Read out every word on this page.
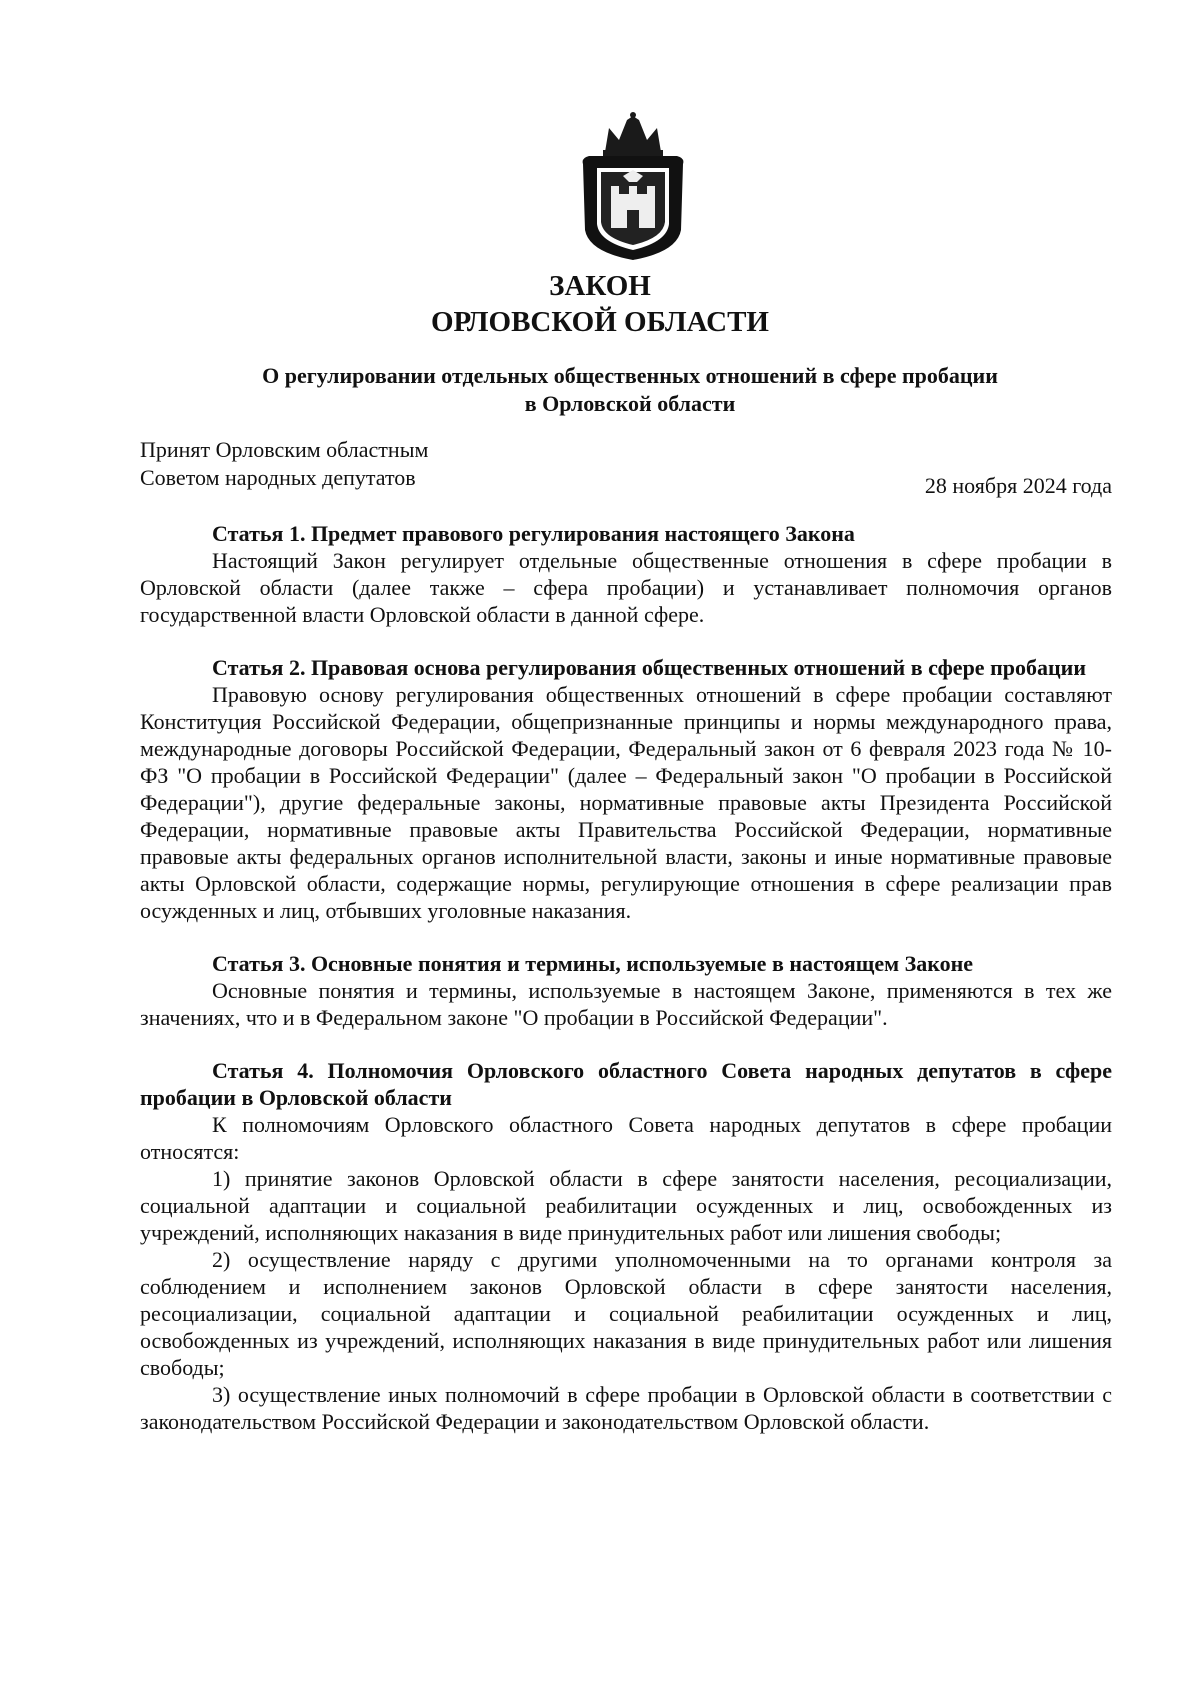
ЗАКОН
ОРЛОВСКОЙ ОБЛАСТИ
О регулировании отдельных общественных отношений в сфере пробации
в Орловской области
Принят Орловским областным
Советом народных депутатов	28 ноября 2024 года

Статья 1. Предмет правового регулирования настоящего Закона

Настоящий Закон регулирует отдельные общественные отношения в сфере пробации в Орловской области (далее также – сфера пробации) и устанавливает полномочия органов государственной власти Орловской области в данной сфере.

Статья 2. Правовая основа регулирования общественных отношений в сфере пробации

Правовую основу регулирования общественных отношений в сфере пробации составляют Конституция Российской Федерации, общепризнанные принципы и нормы международного права, международные договоры Российской Федерации, Федеральный закон от 6 февраля 2023 года № 10-ФЗ "О пробации в Российской Федерации" (далее – Федеральный закон "О пробации в Российской Федерации"), другие федеральные законы, нормативные правовые акты Президента Российской Федерации, нормативные правовые акты Правительства Российской Федерации, нормативные правовые акты федеральных органов исполнительной власти, законы и иные нормативные правовые акты Орловской области, содержащие нормы, регулирующие отношения в сфере реализации прав осужденных и лиц, отбывших уголовные наказания.

Статья 3. Основные понятия и термины, используемые в настоящем Законе

Основные понятия и термины, используемые в настоящем Законе, применяются в тех же значениях, что и в Федеральном законе "О пробации в Российской Федерации".

Статья 4. Полномочия Орловского областного Совета народных депутатов в сфере пробации в Орловской области

К полномочиям Орловского областного Совета народных депутатов в сфере пробации относятся:

1) принятие законов Орловской области в сфере занятости населения, ресоциализации, социальной адаптации и социальной реабилитации осужденных и лиц, освобожденных из учреждений, исполняющих наказания в виде принудительных работ или лишения свободы;

2) осуществление наряду с другими уполномоченными на то органами контроля за соблюдением и исполнением законов Орловской области в сфере занятости населения, ресоциализации, социальной адаптации и социальной реабилитации осужденных и лиц, освобожденных из учреждений, исполняющих наказания в виде принудительных работ или лишения свободы;

3) осуществление иных полномочий в сфере пробации в Орловской области в соответствии с законодательством Российской Федерации и законодательством Орловской области.
